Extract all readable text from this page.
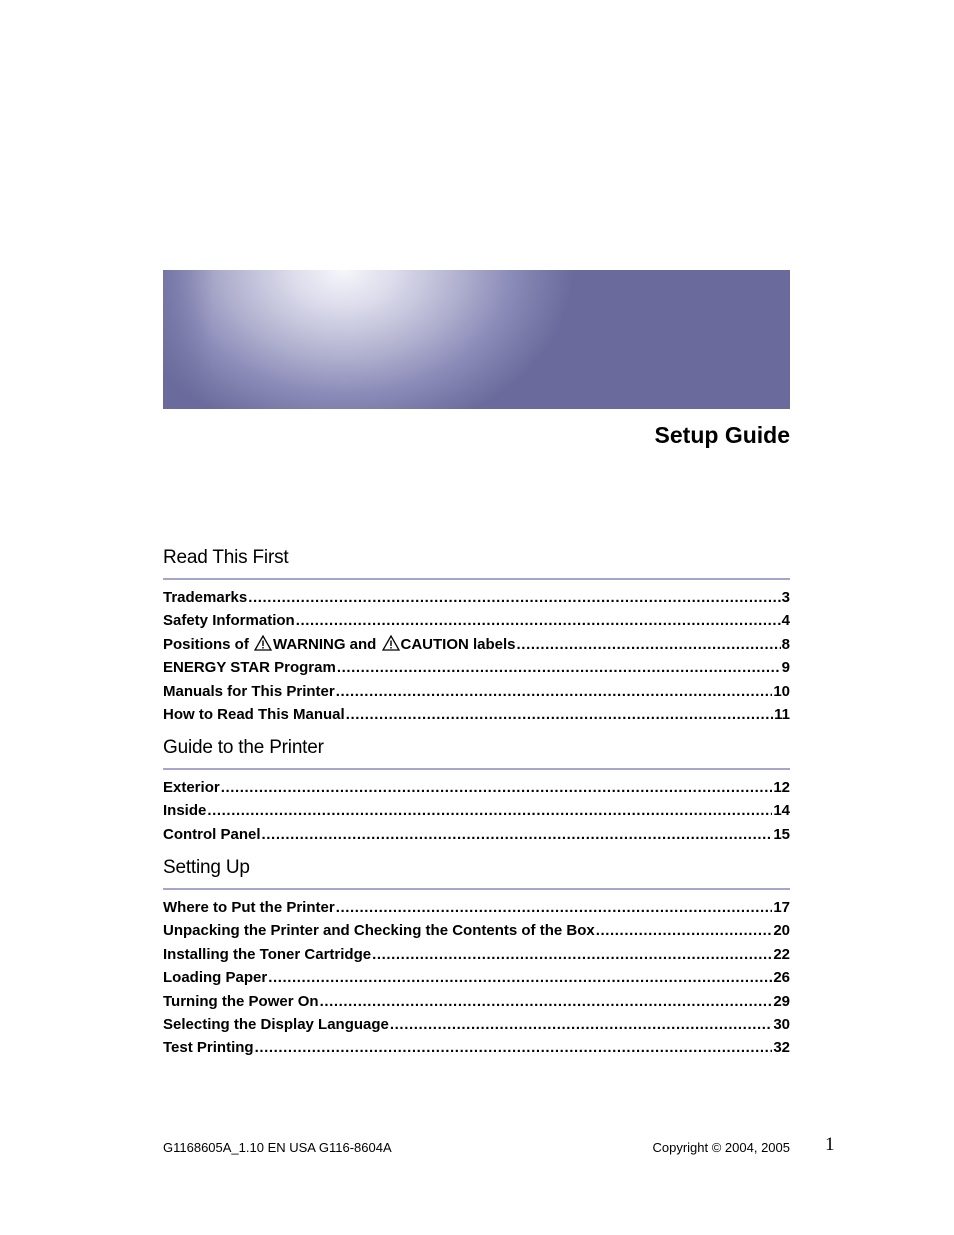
Setup Guide
Read This First
Trademarks .....	3
Safety Information .....	4
Positions of WARNING and CAUTION labels .....	8
ENERGY STAR Program .....	9
Manuals for This Printer .....	10
How to Read This Manual .....	11
Guide to the Printer
Exterior .....	12
Inside .....	14
Control Panel .....	15
Setting Up
Where to Put the Printer .....	17
Unpacking the Printer and Checking the Contents of the Box .....	20
Installing the Toner Cartridge .....	22
Loading Paper .....	26
Turning the Power On .....	29
Selecting the Display Language .....	30
Test Printing .....	32
G1168605A_1.10 EN USA G116-8604A	Copyright © 2004, 2005 1
